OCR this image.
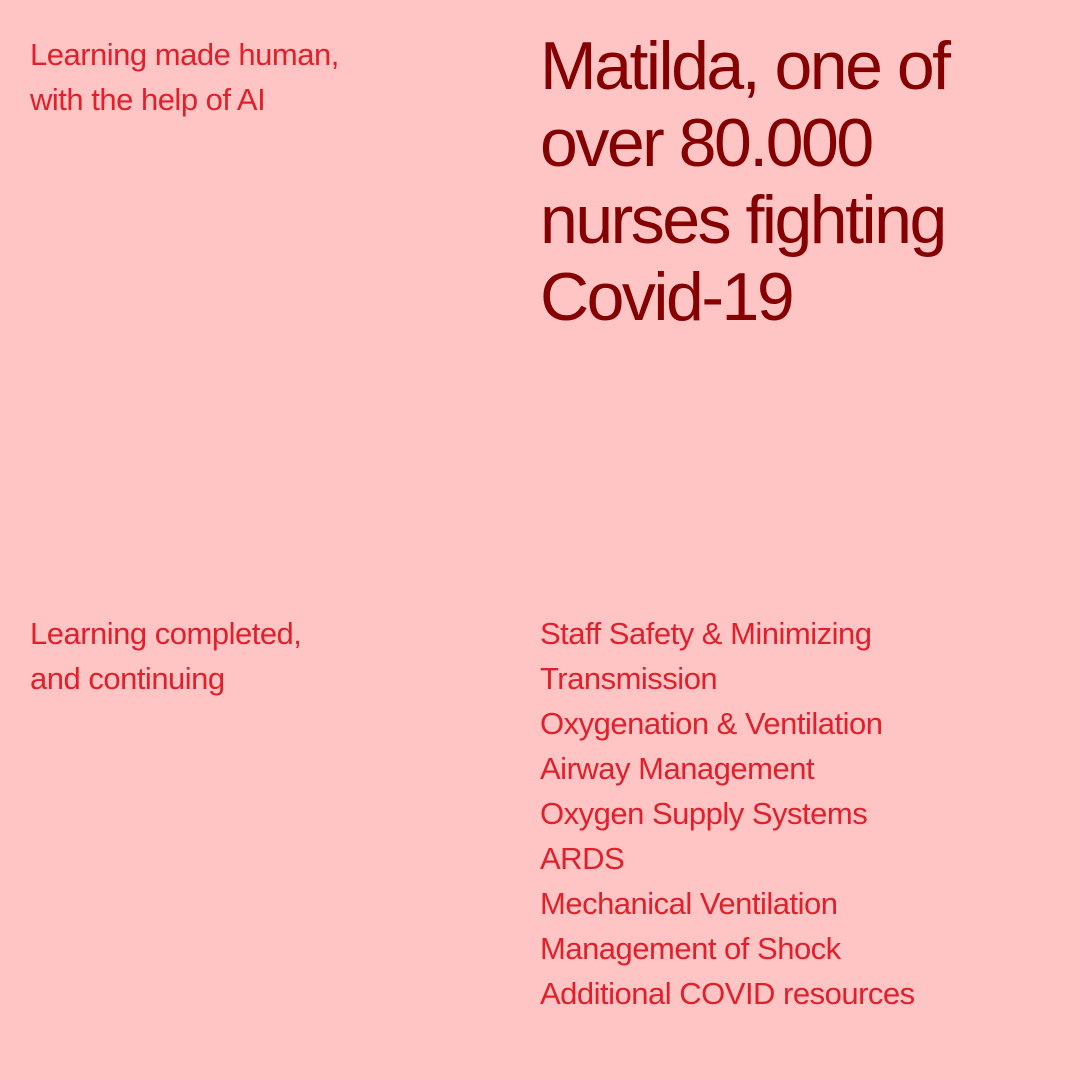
Learning made human,
with the help of AI	Matilda, one of
over 80.000
nurses fighting
Covid-19

Learning completed,
and continuing

Staff Safety & Minimizing
Transmission
Oxygenation & Ventilation
Airway Management
Oxygen Supply Systems
ARDS
Mechanical Ventilation
Management of Shock
Additional COVID resources
